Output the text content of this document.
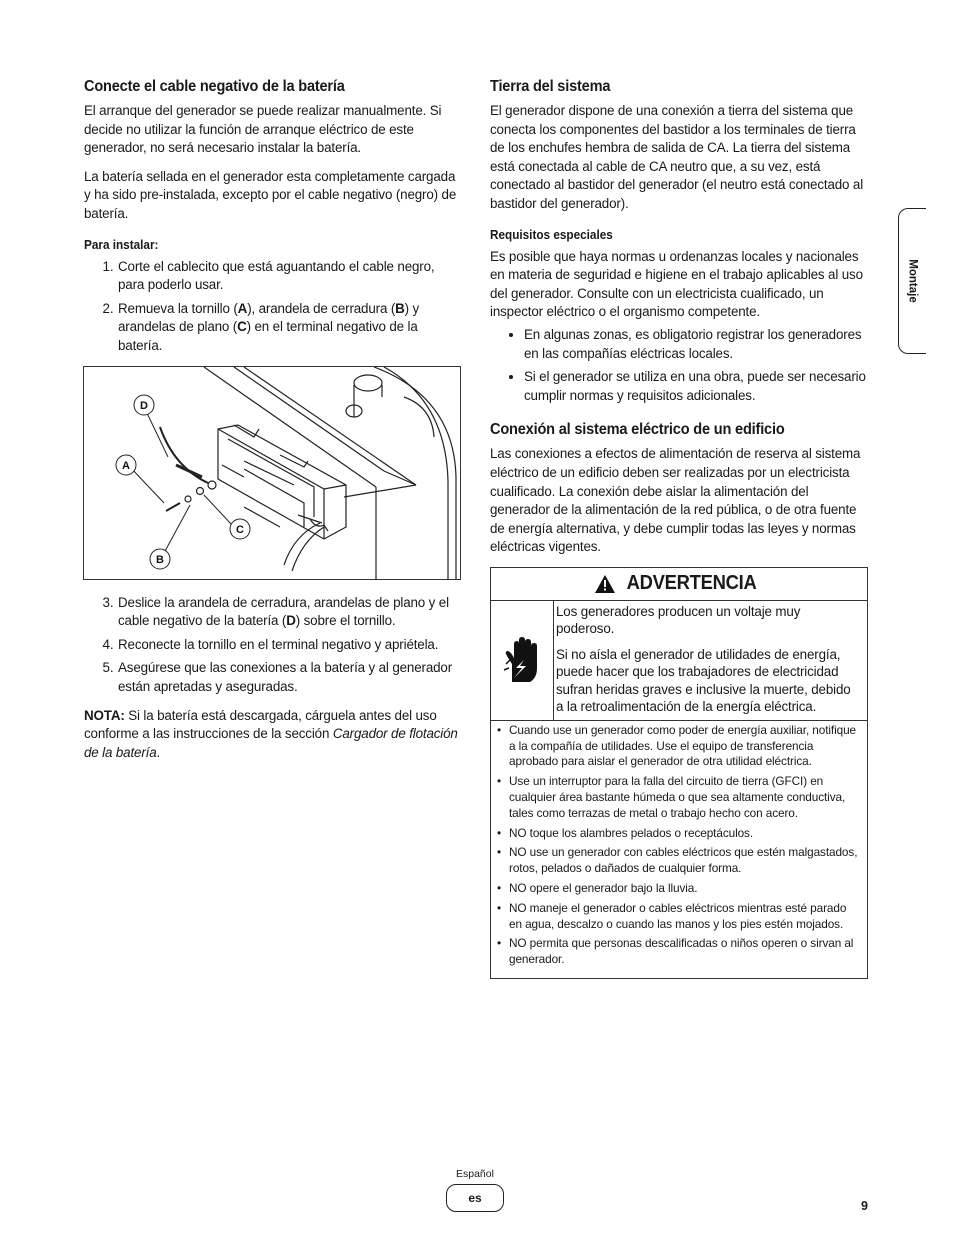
Conecte el cable negativo de la batería

El arranque del generador se puede realizar manualmente. Si decide no utilizar la función de arranque eléctrico de este generador, no será necesario instalar la batería.

La batería sellada en el generador esta completamente cargada y ha sido pre-instalada, excepto por el cable negativo (negro) de batería.

Para instalar:
1. Corte el cablecito que está aguantando el cable negro, para poderlo usar.
2. Remueva la tornillo (A), arandela de cerradura (B) y arandelas de plano (C) en el terminal negativo de la batería.
D
A
C
B
3. Deslice la arandela de cerradura, arandelas de plano y el cable negativo de la batería (D) sobre el tornillo.
4. Reconecte la tornillo en el terminal negativo y apriétela.
5. Asegúrese que las conexiones a la batería y al generador están apretadas y aseguradas.

NOTA: Si la batería está descargada, cárguela antes del uso conforme a las instrucciones de la sección Cargador de flotación de la batería.

Tierra del sistema

El generador dispone de una conexión a tierra del sistema que conecta los componentes del bastidor a los terminales de tierra de los enchufes hembra de salida de CA. La tierra del sistema está conectada al cable de CA neutro que, a su vez, está conectado al bastidor del generador (el neutro está conectado al bastidor del generador).

Requisitos especiales

Es posible que haya normas u ordenanzas locales y nacionales en materia de seguridad e higiene en el trabajo aplicables al uso del generador. Consulte con un electricista cualificado, un inspector eléctrico o el organismo competente.

• En algunas zonas, es obligatorio registrar los generadores en las compañías eléctricas locales.
• Si el generador se utiliza en una obra, puede ser necesario cumplir normas y requisitos adicionales.
Conexión al sistema eléctrico de un edificio

Las conexiones a efectos de alimentación de reserva al sistema eléctrico de un edificio deben ser realizadas por un electricista cualificado. La conexión debe aislar la alimentación del generador de la alimentación de la red pública, o de otra fuente de energía alternativa, y debe cumplir todas las leyes y normas eléctricas vigentes.

ADVERTENCIA

Los generadores producen un voltaje muy poderoso.

Si no aísla el generador de utilidades de energía, puede hacer que los trabajadores de electricidad sufran heridas graves e inclusive la muerte, debido a la retroalimentación de la energía eléctrica.

• Cuando use un generador como poder de energía auxiliar, notifique a la compañía de utilidades. Use el equipo de transferencia aprobado para aislar el generador de otra utilidad eléctrica.
• Use un interruptor para la falla del circuito de tierra (GFCI) en cualquier área bastante húmeda o que sea altamente conductiva, tales como terrazas de metal o trabajo hecho con acero.
• NO toque los alambres pelados o receptáculos.
• NO use un generador con cables eléctricos que estén malgastados, rotos, pelados o dañados de cualquier forma.
• NO opere el generador bajo la lluvia.
• NO maneje el generador o cables eléctricos mientras esté parado en agua, descalzo o cuando las manos y los pies estén mojados.
• NO permita que personas descalificadas o niños operen o sirvan al generador.
Montaje
Español
es
9
